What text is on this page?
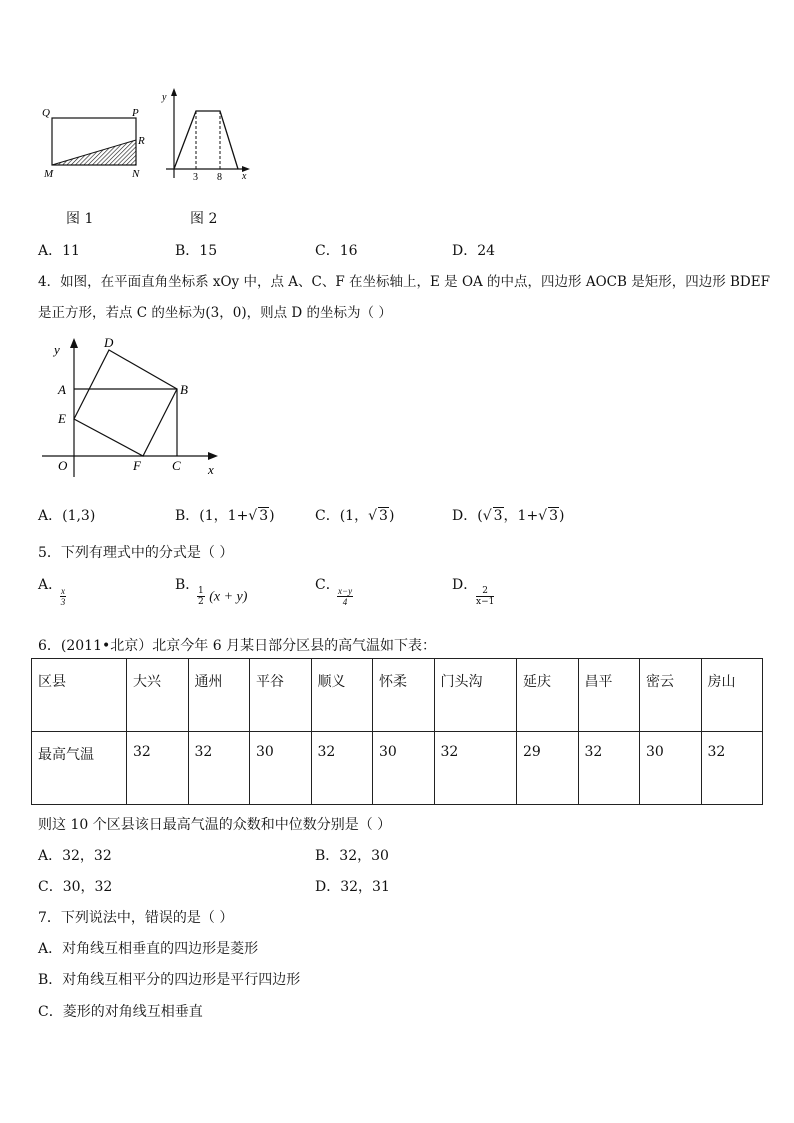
Q	P
R
M	N
图 1
y
x
3 8
图 2
A．11	B．15	C．16	D．24
4．如图，在平面直角坐标系 xOy 中，点 A、C、F 在坐标轴上，E 是 OA 的中点，四边形 AOCB 是矩形，四边形 BDEF
是正方形，若点 C 的坐标为(3，0)，则点 D 的坐标为（ ）
y
x
D
A	B
E
O	F C
A．(1,3)	B．(1，1+√ 3)	C．(1，√ 3)	D．(√ 3，1+√ 3)
5．下列有理式中的分式是（ ）
A．
$\frac{x}{3}$
B．
$\frac{1}{2} (x + y)$
C．
$\frac{x-y}{4}$
D．
$\frac{2}{x-1}$
6．(2011•北京）北京今年 6 月某日部分区县的高气温如下表：
区县	大兴	通州	平谷	顺义	怀柔	门头沟	延庆	昌平	密云	房山
最高气温	32	32	30	32	30	32	29	32	30	32
则这 10 个区县该日最高气温的众数和中位数分别是（ ）
A．32，32	B．32，30
C．30，32	D．32，31
7．下列说法中，错误的是（ ）
A．对角线互相垂直的四边形是菱形
B．对角线互相平分的四边形是平行四边形
C．菱形的对角线互相垂直
